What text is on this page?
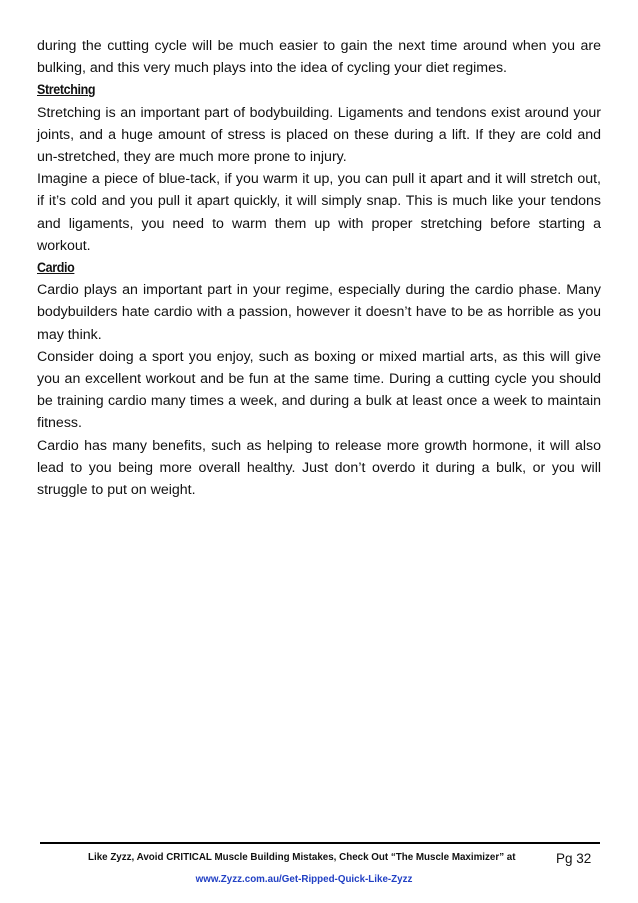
during the cutting cycle will be much easier to gain the next time around when you are bulking, and this very much plays into the idea of cycling your diet regimes.

Stretching

Stretching is an important part of bodybuilding. Ligaments and tendons exist around your joints, and a huge amount of stress is placed on these during a lift. If they are cold and un-stretched, they are much more prone to injury.

Imagine a piece of blue-tack, if you warm it up, you can pull it apart and it will stretch out, if it’s cold and you pull it apart quickly, it will simply snap. This is much like your tendons and ligaments, you need to warm them up with proper stretching before starting a workout.

Cardio

Cardio plays an important part in your regime, especially during the cardio phase. Many bodybuilders hate cardio with a passion, however it doesn’t have to be as horrible as you may think.

Consider doing a sport you enjoy, such as boxing or mixed martial arts, as this will give you an excellent workout and be fun at the same time. During a cutting cycle you should be training cardio many times a week, and during a bulk at least once a week to maintain fitness.

Cardio has many benefits, such as helping to release more growth hormone, it will also lead to you being more overall healthy. Just don’t overdo it during a bulk, or you will struggle to put on weight.

Like Zyzz, Avoid CRITICAL Muscle Building Mistakes, Check Out “The Muscle Maximizer” at	Pg 32
www.Zyzz.com.au/Get-Ripped-Quick-Like-Zyzz
